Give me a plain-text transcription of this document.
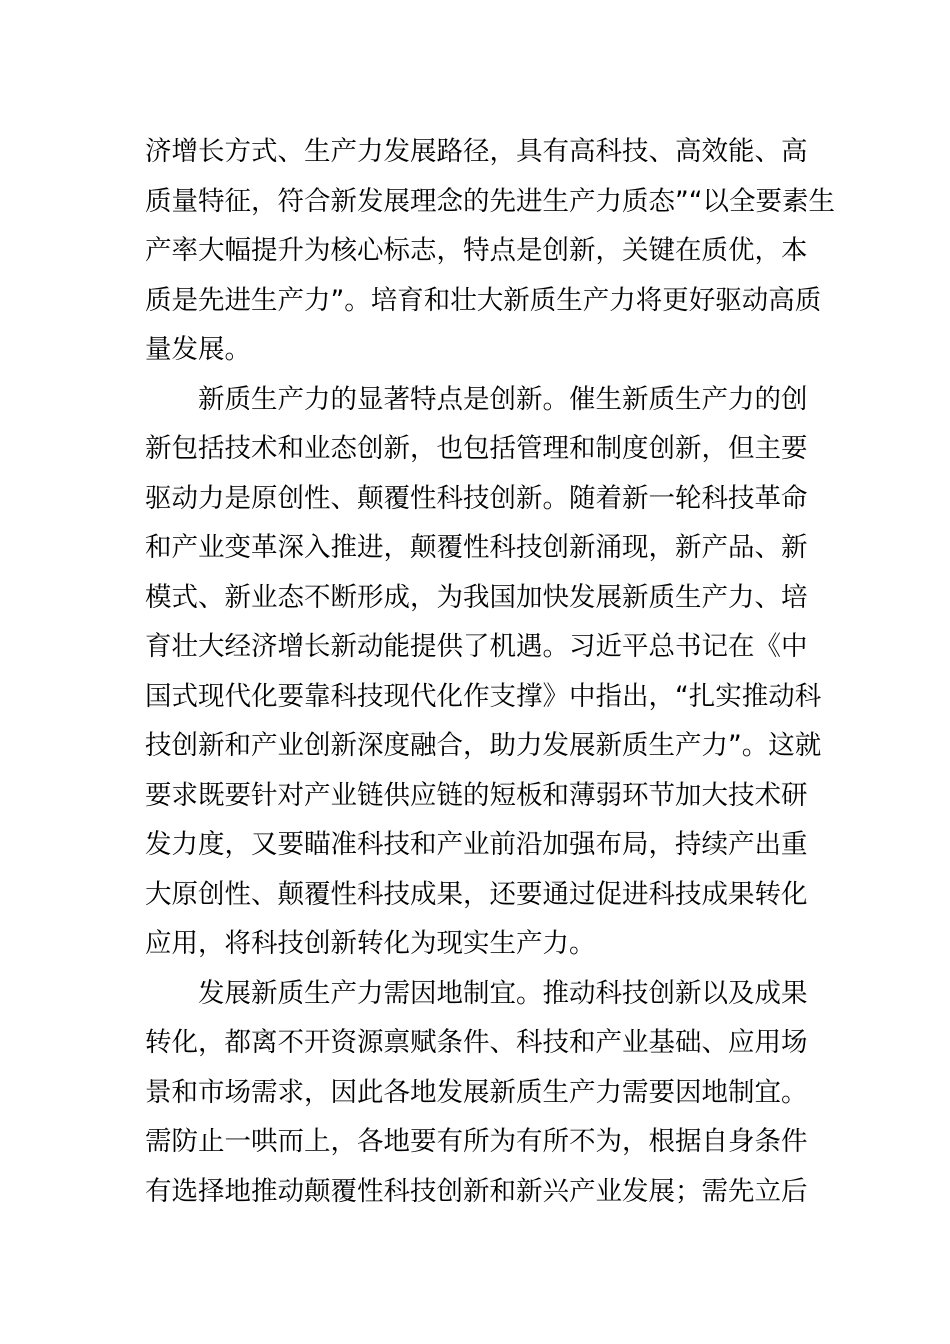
济增长方式、生产力发展路径，具有高科技、高效能、高
质量特征，符合新发展理念的先进生产力质态”“以全要素生
产率大幅提升为核心标志，特点是创新，关键在质优，本
质是先进生产力”。培育和壮大新质生产力将更好驱动高质
量发展。
新质生产力的显著特点是创新。催生新质生产力的创
新包括技术和业态创新，也包括管理和制度创新，但主要
驱动力是原创性、颠覆性科技创新。随着新一轮科技革命
和产业变革深入推进，颠覆性科技创新涌现，新产品、新
模式、新业态不断形成，为我国加快发展新质生产力、培
育壮大经济增长新动能提供了机遇。习近平总书记在《中
国式现代化要靠科技现代化作支撑》中指出，“扎实推动科
技创新和产业创新深度融合，助力发展新质生产力”。这就
要求既要针对产业链供应链的短板和薄弱环节加大技术研
发力度，又要瞄准科技和产业前沿加强布局，持续产出重
大原创性、颠覆性科技成果，还要通过促进科技成果转化
应用，将科技创新转化为现实生产力。
发展新质生产力需因地制宜。推动科技创新以及成果
转化，都离不开资源禀赋条件、科技和产业基础、应用场
景和市场需求，因此各地发展新质生产力需要因地制宜。
需防止一哄而上，各地要有所为有所不为，根据自身条件
有选择地推动颠覆性科技创新和新兴产业发展；需先立后
